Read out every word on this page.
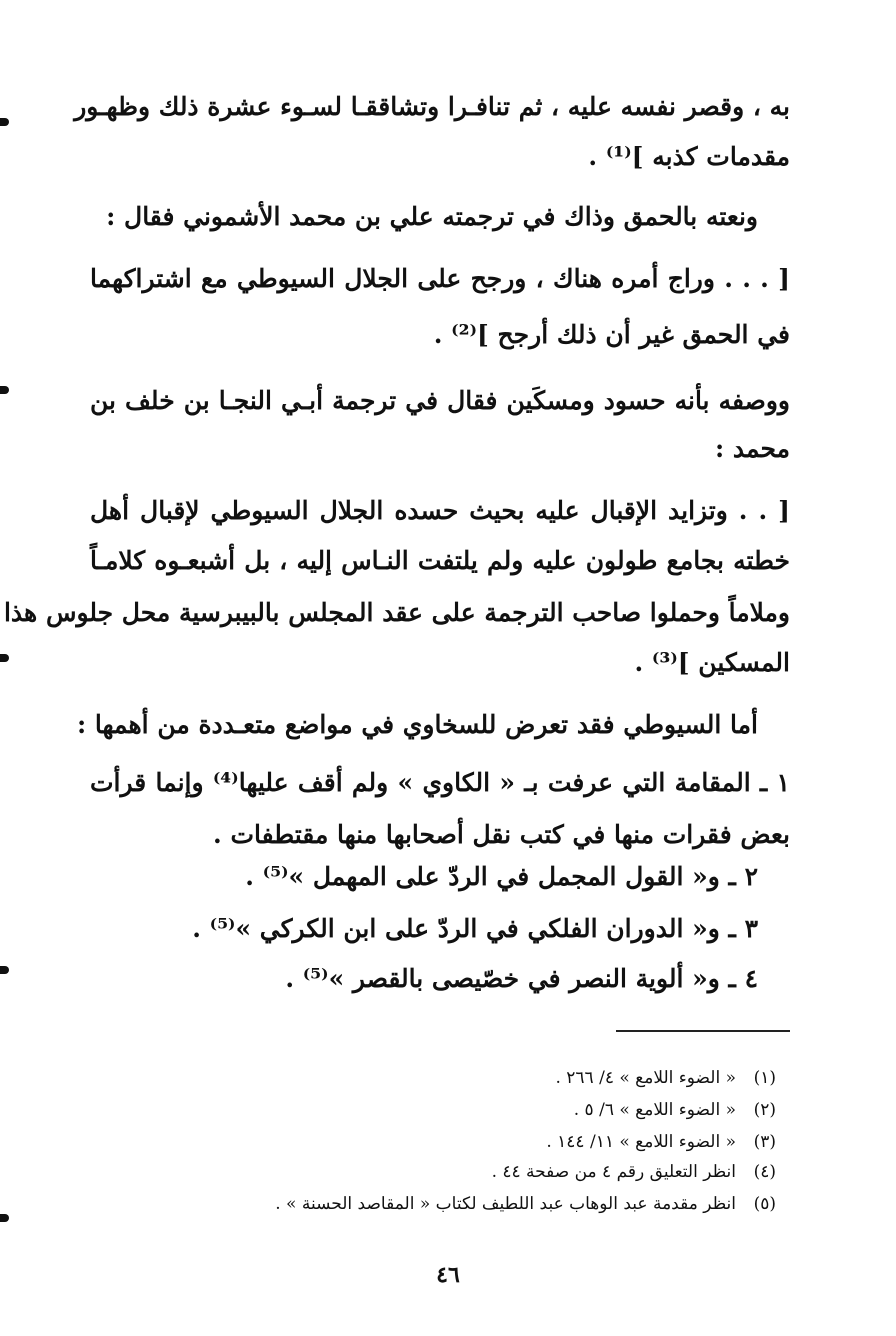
به ، وقصر نفسه عليه ، ثم تنافـرا وتشاققـا لسـوء عشرة ذلك وظهـور
مقدمات كذبه ]⁽¹⁾ .
ونعته بالحمق وذاك في ترجمته علي بن محمد الأشموني فقال :
[ . . . وراج أمره هناك ، ورجح على الجلال السيوطي مع اشتراكهما
في الحمق غير أن ذلك أرجح ]⁽²⁾ .
ووصفه بأنه حسود ومسكَين فقال في ترجمة أبـي النجـا بن خلف بن
محمد :
[ . . وتزايد الإقبال عليه بحيث حسده الجلال السيوطي لإقبال أهل
خطته بجامع طولون عليه ولم يلتفت النـاس إليه ، بل أشبعـوه كلامـاً
وملاماً وحملوا صاحب الترجمة على عقد المجلس بالبيبرسية محل جلوس هذا
المسكين ]⁽³⁾ .
أما السيوطي فقد تعرض للسخاوي في مواضع متعـددة من أهمها :
١ ـ المقامة التي عرفت بـ « الكاوي » ولم أقف عليها⁽⁴⁾ وإنما قرأت
بعض فقرات منها في كتب نقل أصحابها منها مقتطفات .
٢ ـ و« القول المجمل في الردّ على المهمل »⁽⁵⁾ .
٣ ـ و« الدوران الفلكي في الردّ على ابن الكركي »⁽⁵⁾ .
٤ ـ و« ألوية النصر في خصّيصى بالقصر »⁽⁵⁾ .
(١)« الضوء اللامع » ٤/ ٢٦٦ .
(٢)« الضوء اللامع » ٦/ ٥ .
(٣)« الضوء اللامع » ١١/ ١٤٤ .
(٤)انظر التعليق رقم ٤ من صفحة ٤٤ .
(٥)انظر مقدمة عبد الوهاب عبد اللطيف لكتاب « المقاصد الحسنة » .
٤٦
